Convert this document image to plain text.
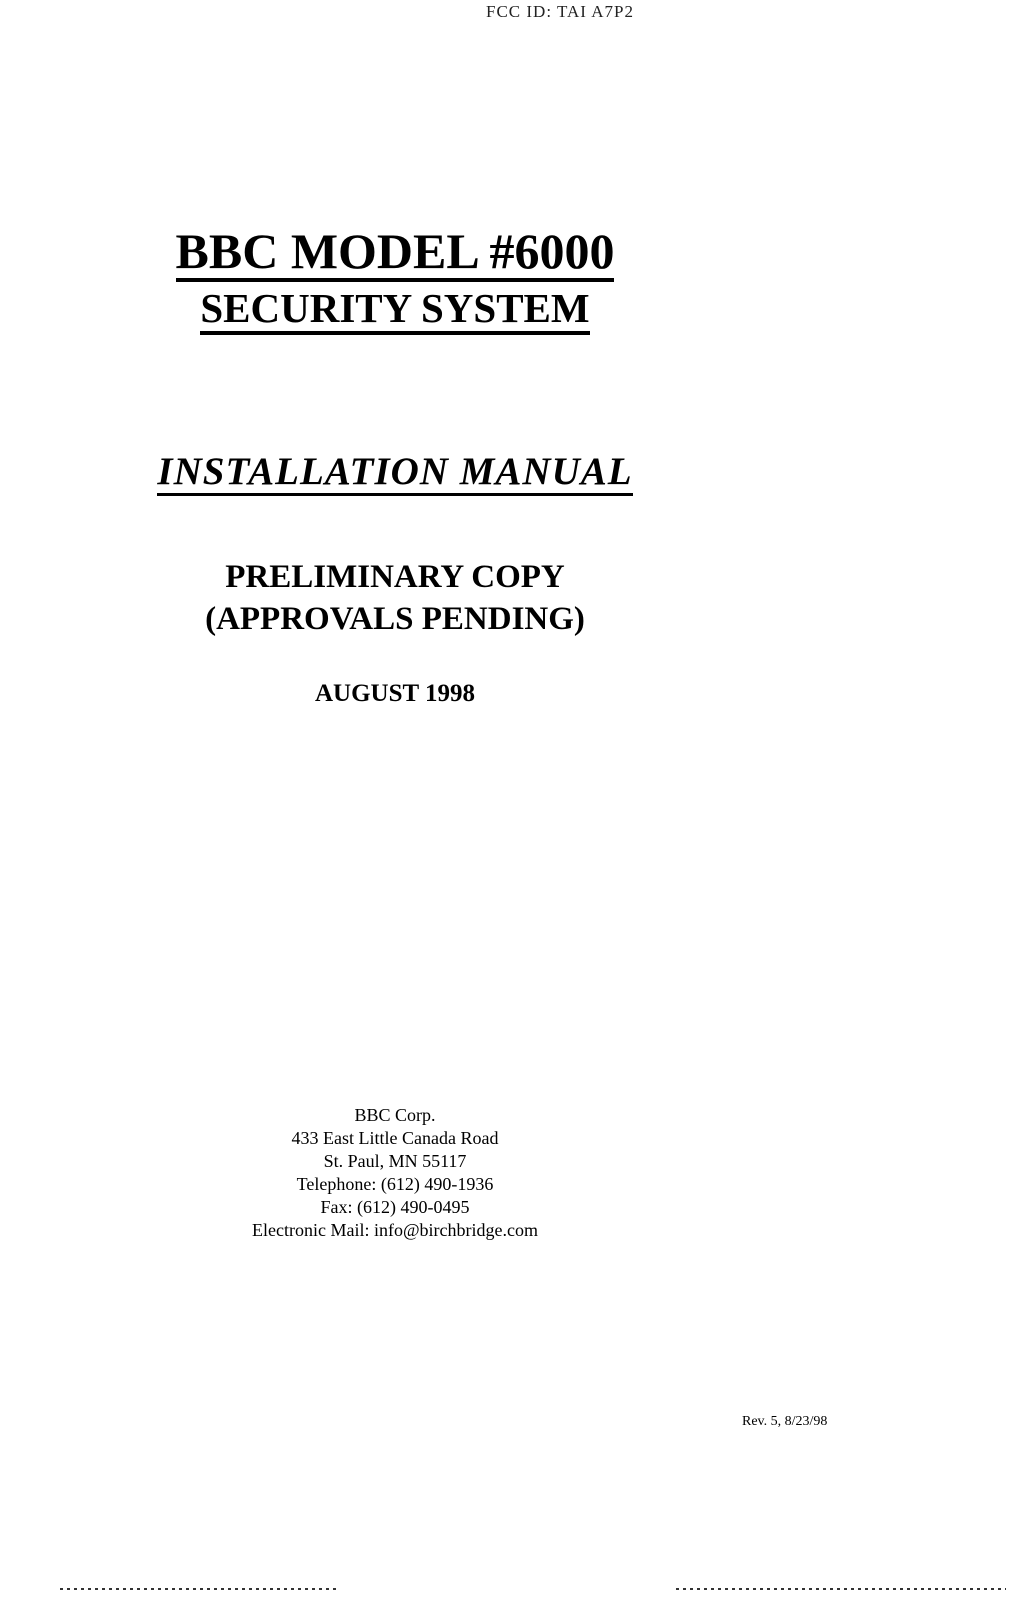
FCC ID: TAI A7P2
BBC MODEL #6000
SECURITY SYSTEM
INSTALLATION MANUAL
PRELIMINARY COPY
(APPROVALS PENDING)
AUGUST 1998
BBC Corp.
433 East Little Canada Road
St. Paul, MN 55117
Telephone: (612) 490-1936
Fax: (612) 490-0495
Electronic Mail: info@birchbridge.com
Rev. 5, 8/23/98
